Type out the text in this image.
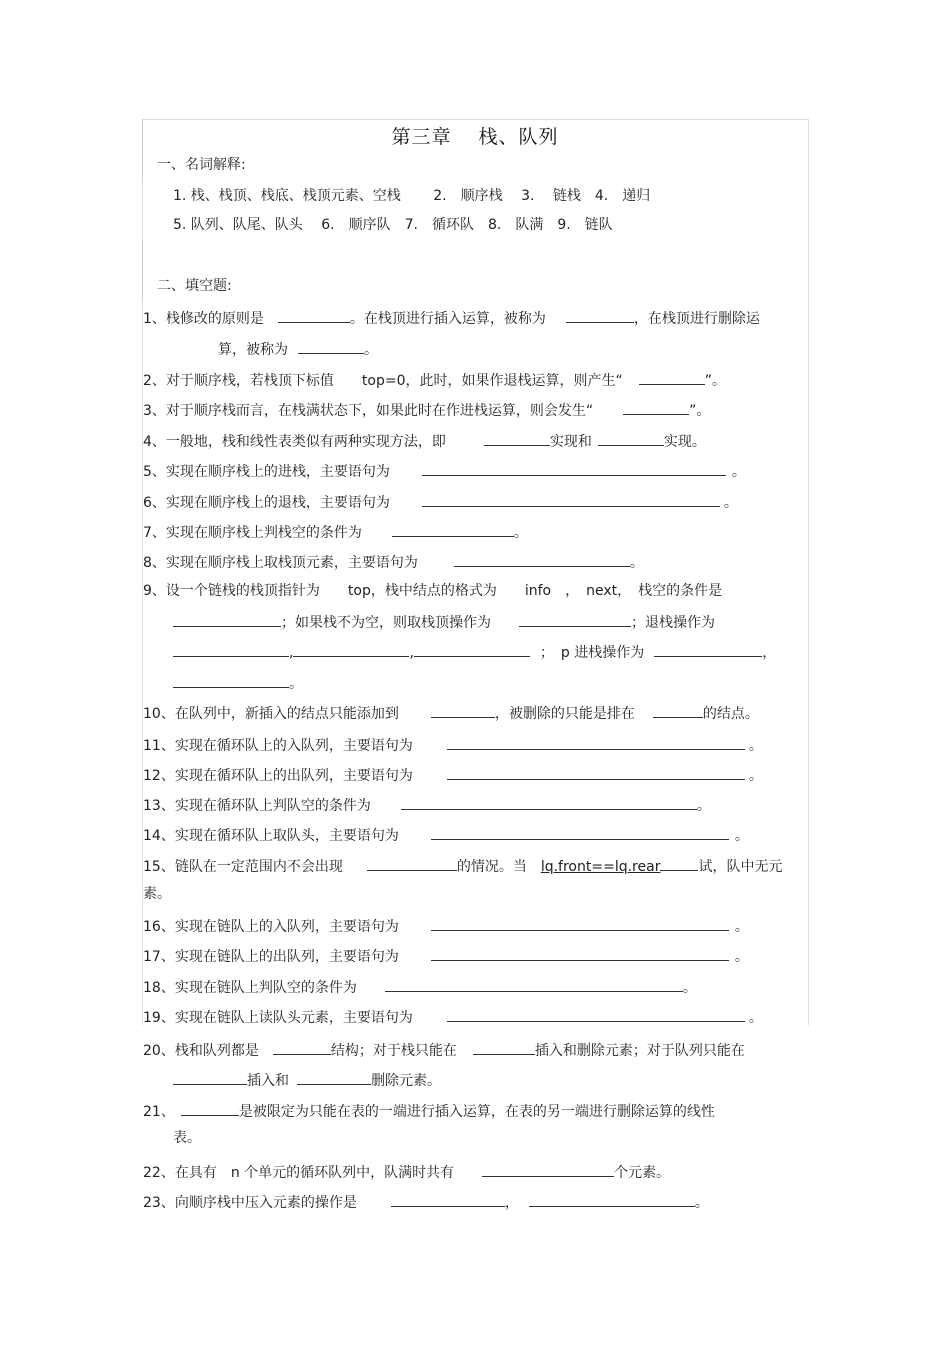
第三章　 栈、队列
一、名词解释:
1. 栈、栈顶、栈底、栈顶元素、空栈　　 2.　顺序栈　 3.　 链栈　4.　递归
5. 队列、队尾、队头　 6.　顺序队　7.　循环队　8.　队满　9.　链队
二、填空题:
1、栈修改的原则是	。在栈顶进行插入运算，被称为	，在栈顶进行删除运
算，被称为	。
2、对于顺序栈，若栈顶下标值　　top=0，此时，如果作退栈运算，则产生“	”。
3、对于顺序栈而言，在栈满状态下，如果此时在作进栈运算，则会发生“	”。
4、一般地，栈和线性表类似有两种实现方法，即	实现和	实现。
5、实现在顺序栈上的进栈，主要语句为	。
6、实现在顺序栈上的退栈，主要语句为	。
7、实现在顺序栈上判栈空的条件为	。
8、实现在顺序栈上取栈顶元素，主要语句为	。
9、设一个链栈的栈顶指针为　　top，栈中结点的格式为　　info　，　next，　栈空的条件是
；如果栈不为空，则取栈顶操作为	；退栈操作为
,	,	；　p 进栈操作为	，
。
10、在队列中，新插入的结点只能添加到	，被删除的只能是排在	的结点。
11、实现在循环队上的入队列，主要语句为	。
12、实现在循环队上的出队列，主要语句为	。
13、实现在循环队上判队空的条件为	。
14、实现在循环队上取队头，主要语句为	。
15、链队在一定范围内不会出现	的情况。当 lq.front==lq.rear	试，队中无元
素。
16、实现在链队上的入队列，主要语句为	。
17、实现在链队上的出队列，主要语句为	。
18、实现在链队上判队空的条件为	。
19、实现在链队上读队头元素，主要语句为	。
20、栈和队列都是	结构；对于栈只能在	插入和删除元素；对于队列只能在
插入和	删除元素。
21、	是被限定为只能在表的一端进行插入运算，在表的另一端进行删除运算的线性
表。
22、在具有　n 个单元的循环队列中，队满时共有	个元素。
23、向顺序栈中压入元素的操作是	，	。
